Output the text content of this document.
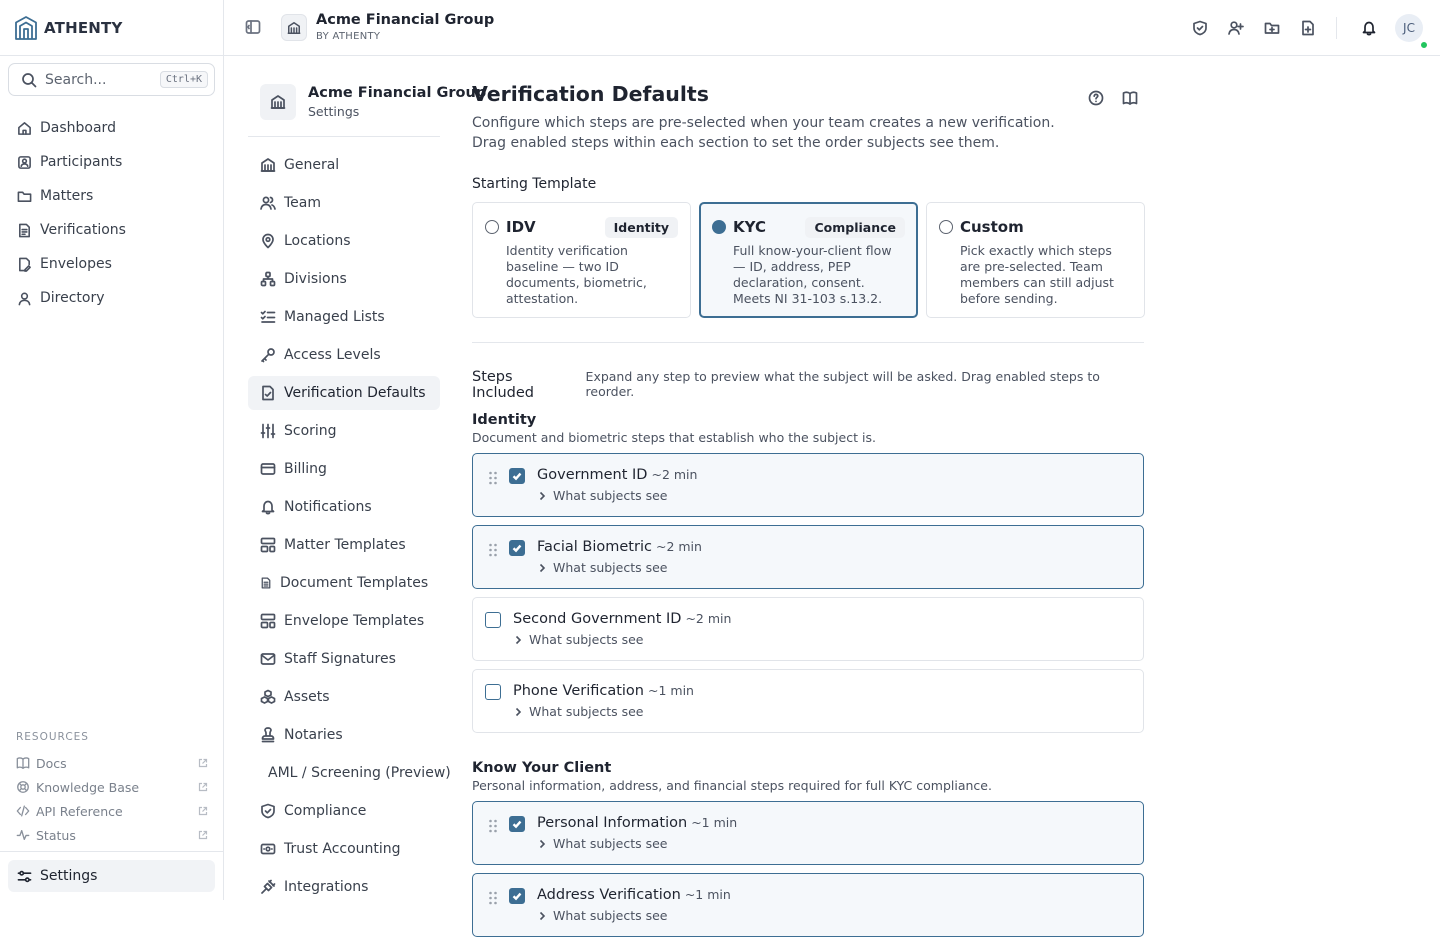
ATHENTY
Search...	Ctrl+K
Dashboard
Participants
Matters
Verifications
Envelopes
Directory
RESOURCES
Docs
Knowledge Base
API Reference
Status
Settings
Acme Financial Group
BY ATHENTY
JC
Acme Financial Group
Settings
General
Team
Locations
Divisions
Managed Lists
Access Levels
Verification Defaults
Scoring
Billing
Notifications
Matter Templates
Document Templates
Envelope Templates
Staff Signatures
Assets
Notaries
AML / Screening (Preview)
Compliance
Trust Accounting
Integrations
Verification Defaults

Configure which steps are pre-selected when your team creates a new verification. Drag enabled steps within each section to set the order subjects see them.

Starting Template
IDV	Identity
Identity verification baseline — two ID documents, biometric, attestation.
KYC	Compliance
Full know-your-client flow — ID, address, PEP declaration, consent. Meets NI 31-103 s.13.2.
Custom
Pick exactly which steps are pre-selected. Team members can still adjust before sending.
Steps Included
Expand any step to preview what the subject will be asked. Drag enabled steps to reorder.
Identity
Document and biometric steps that establish who the subject is.
Government ID ~2 min
What subjects see
Facial Biometric ~2 min
What subjects see
Second Government ID ~2 min
What subjects see
Phone Verification ~1 min
What subjects see
Know Your Client
Personal information, address, and financial steps required for full KYC compliance.
Personal Information ~1 min
What subjects see
Address Verification ~1 min
What subjects see
